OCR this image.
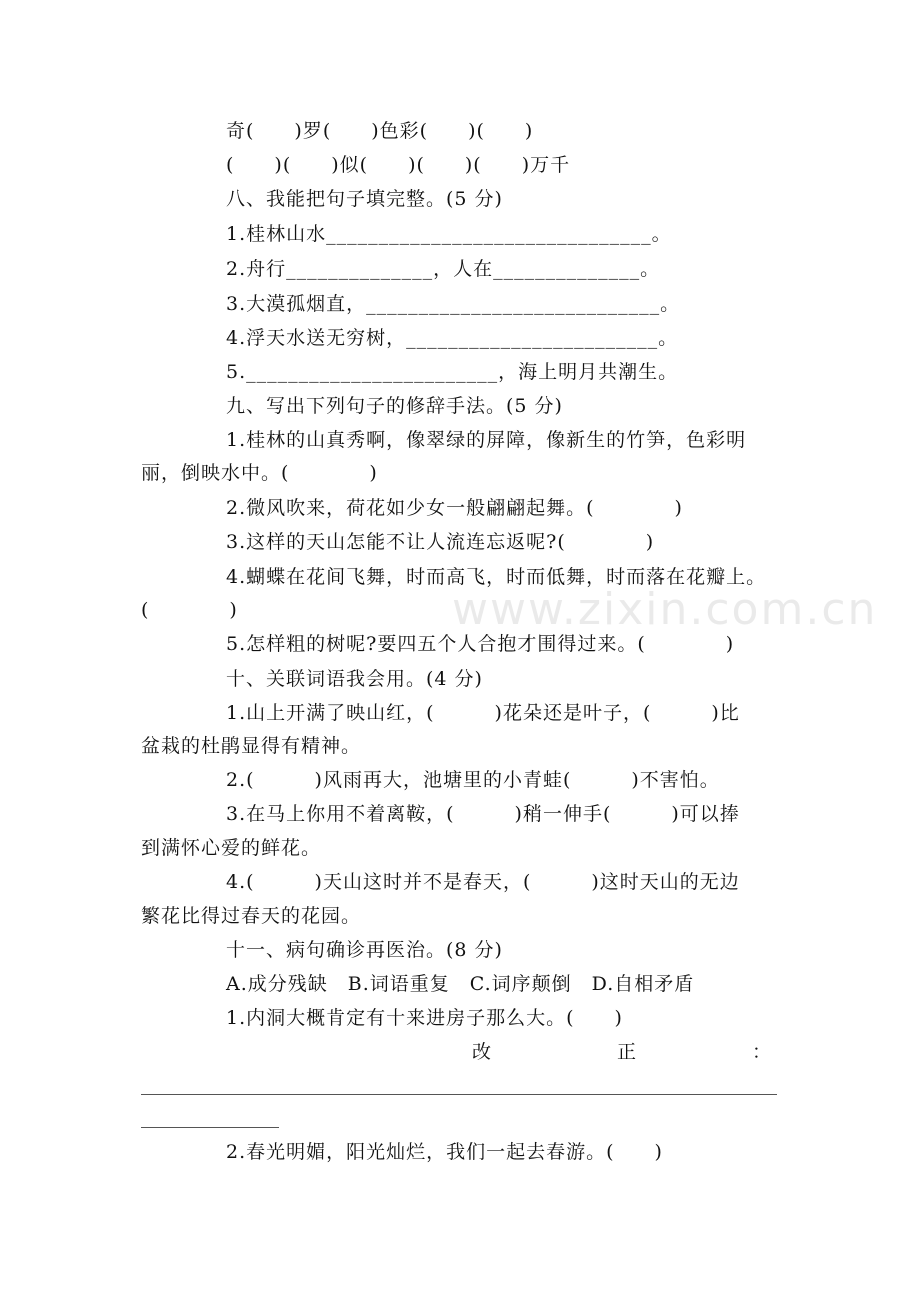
奇(　　)罗(　　)色彩(　　)(　　)
(　　)(　　)似(　　)(　　)(　　)万千
八、我能把句子填完整。(5 分)
1.桂林山水_______________________________。
2.舟行______________，人在______________。
3.大漠孤烟直，____________________________。
4.浮天水送无穷树，________________________。
5.________________________，海上明月共潮生。
九、写出下列句子的修辞手法。(5 分)
1.桂林的山真秀啊，像翠绿的屏障，像新生的竹笋，色彩明
丽，倒映水中。(　　　　)
2.微风吹来，荷花如少女一般翩翩起舞。(　　　　)
3.这样的天山怎能不让人流连忘返呢?(　　　　)
4.蝴蝶在花间飞舞，时而高飞，时而低舞，时而落在花瓣上。
(　　　　)
5.怎样粗的树呢?要四五个人合抱才围得过来。(　　　　)
十、关联词语我会用。(4 分)
1.山上开满了映山红，(　　　)花朵还是叶子，(　　　)比
盆栽的杜鹃显得有精神。
2.(　　　)风雨再大，池塘里的小青蛙(　　　)不害怕。
3.在马上你用不着离鞍，(　　　)稍一伸手(　　　)可以捧
到满怀心爱的鲜花。
4.(　　　)天山这时并不是春天，(　　　)这时天山的无边
繁花比得过春天的花园。
十一、病句确诊再医治。(8 分)
A.成分残缺　B.词语重复　C.词序颠倒　D.自相矛盾
1.内洞大概肯定有十来进房子那么大。(　　)
改	正	：
2.春光明媚，阳光灿烂，我们一起去春游。(　　)
www.zixin.com.cn
